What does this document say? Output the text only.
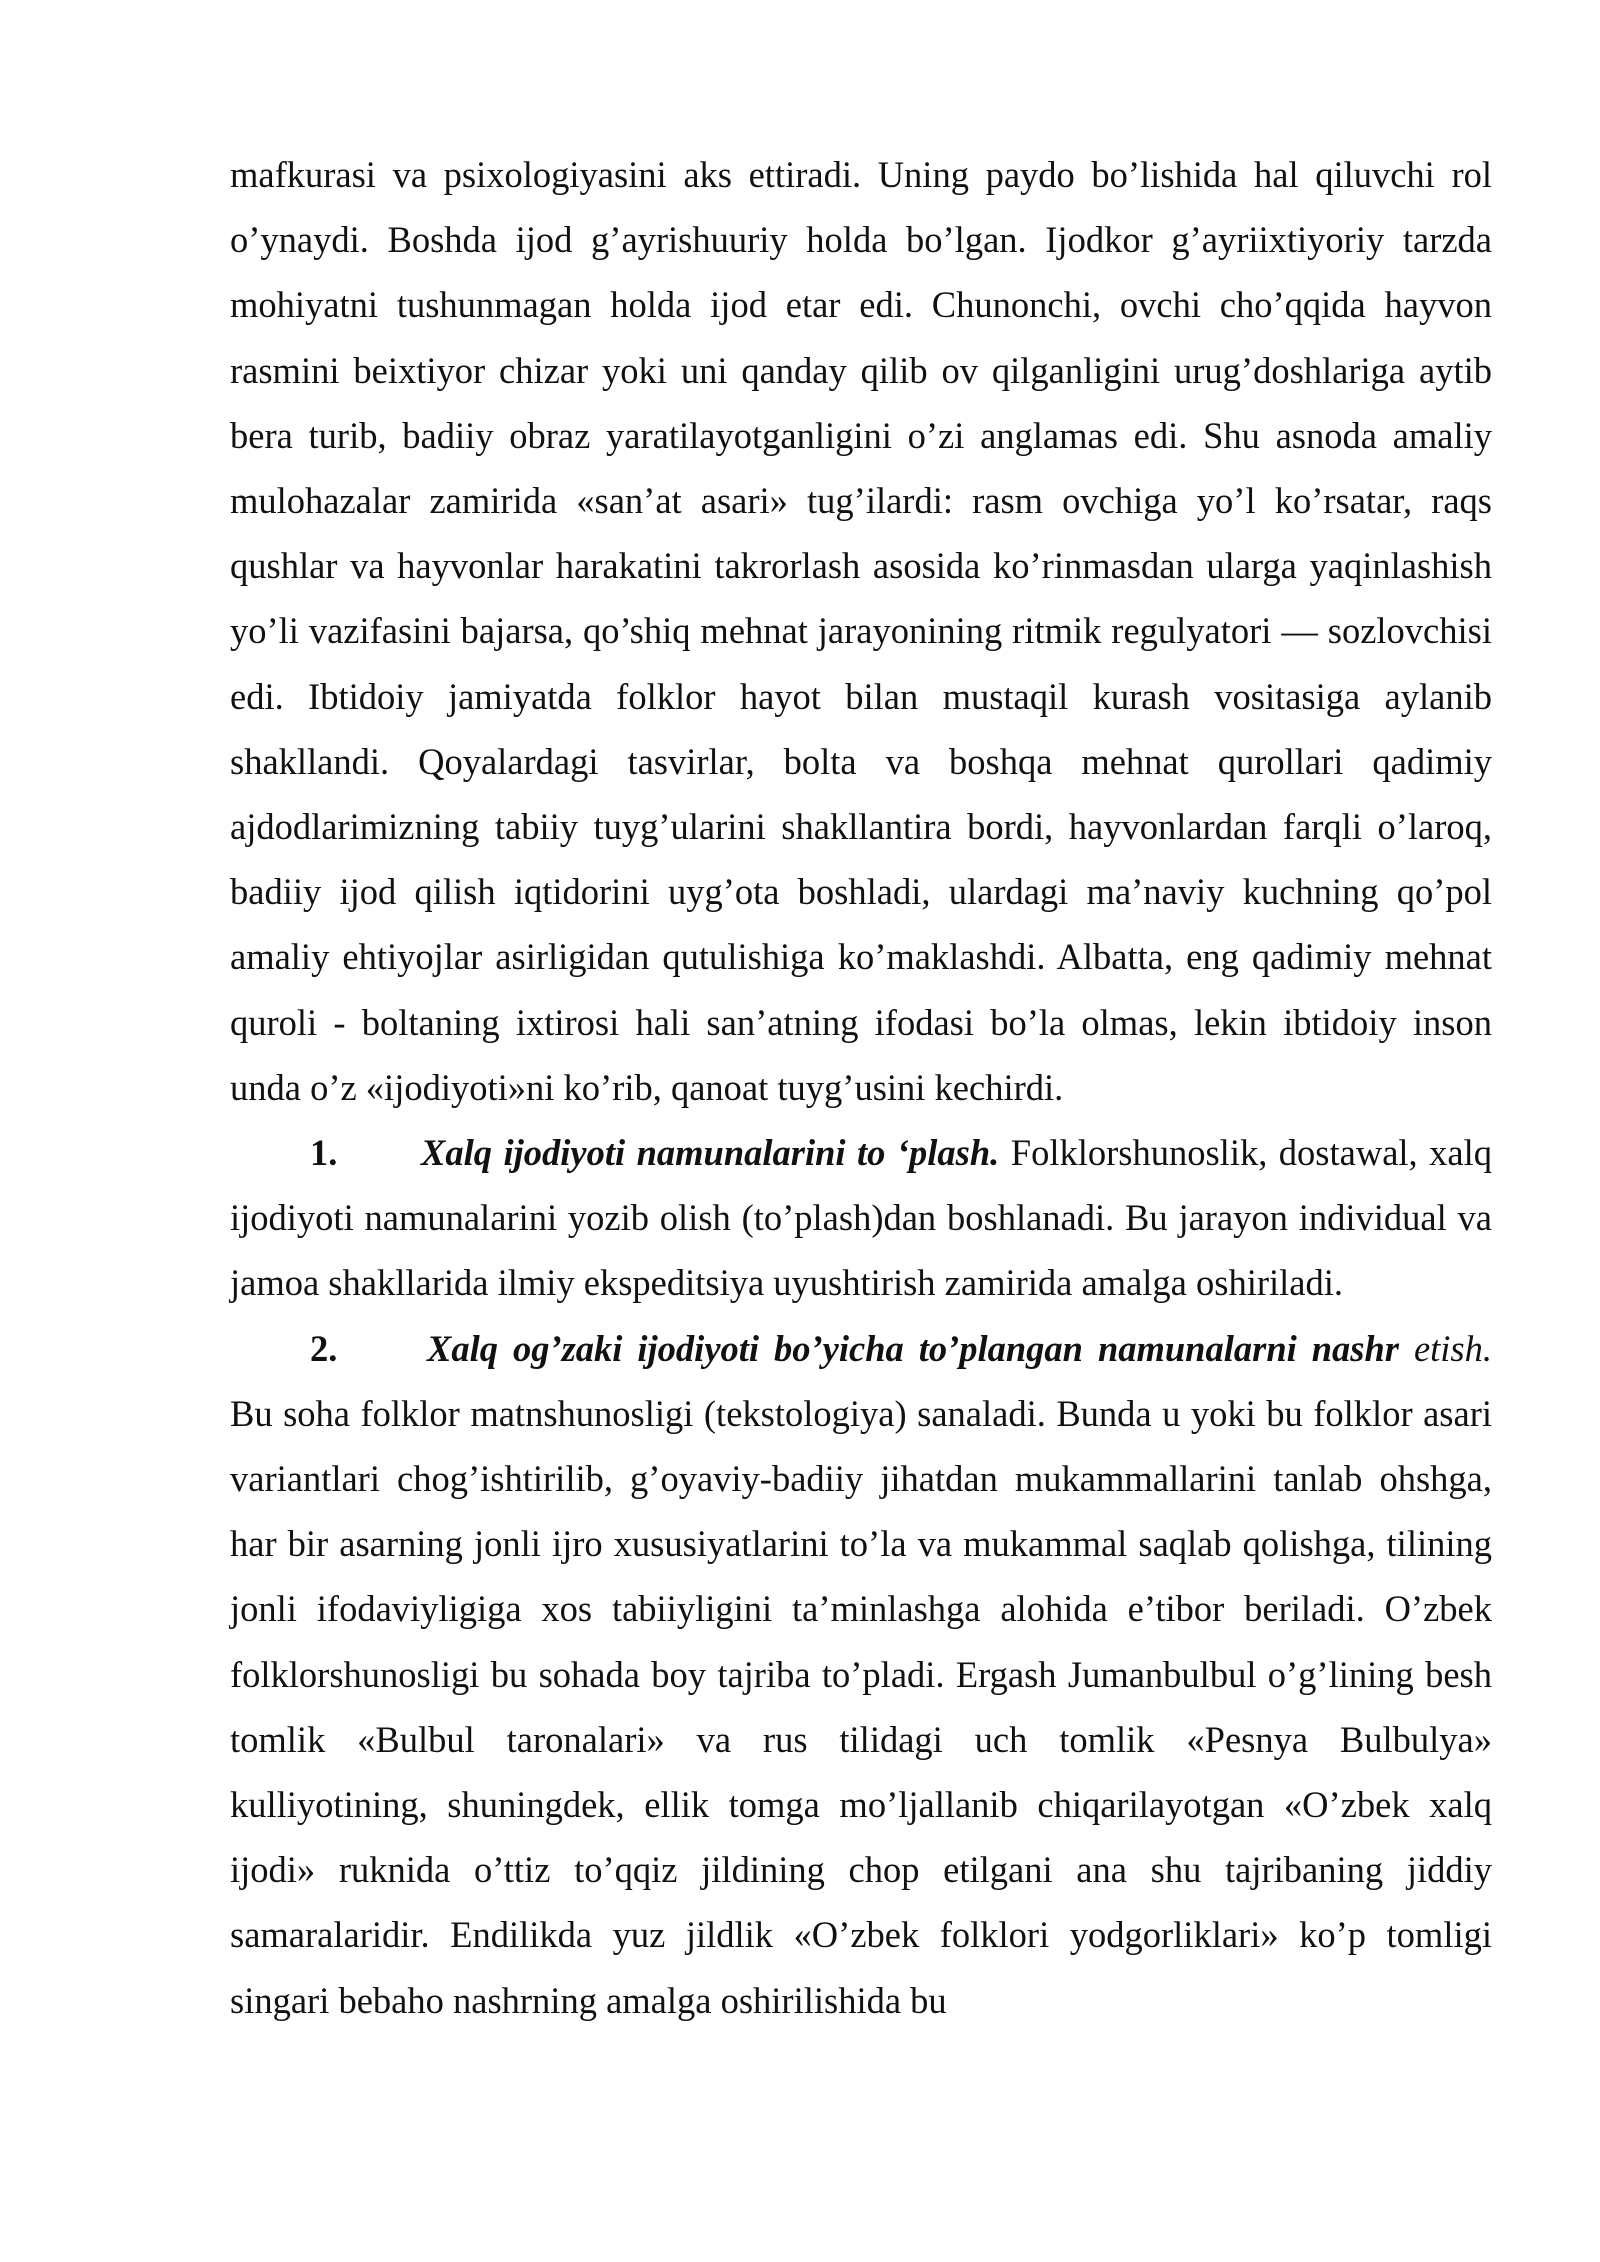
mafkurasi va psixologiyasini aks ettiradi. Uning paydo bo’lishida hal qiluvchi rol o’ynaydi. Boshda ijod g’ayrishuuriy holda bo’lgan. Ijodkor g’ayriixtiyoriy tarzda mohiyatni tushunmagan holda ijod etar edi. Chunonchi, ovchi cho’qqida hayvon rasmini beixtiyor chizar yoki uni qanday qilib ov qilganligini urug’doshlariga aytib bera turib, badiiy obraz yaratilayotganligini o’zi anglamas edi. Shu asnoda amaliy mulohazalar zamirida «san’at asari» tug’ilardi: rasm ovchiga yo’l ko’rsatar, raqs qushlar va hayvonlar harakatini takrorlash asosida ko’rinmasdan ularga yaqinlashish yo’li vazifasini bajarsa, qo’shiq mehnat jarayonining ritmik regulyatori — sozlovchisi edi. Ibtidoiy jamiyatda folklor hayot bilan mustaqil kurash vositasiga aylanib shakllandi. Qoyalardagi tasvirlar, bolta va boshqa mehnat qurollari qadimiy ajdodlarimizning tabiiy tuyg’ularini shakllantira bordi, hayvonlardan farqli o’laroq, badiiy ijod qilish iqtidorini uyg’ota boshladi, ulardagi ma’naviy kuchning qo’pol amaliy ehtiyojlar asirligidan qutulishiga ko’maklashdi. Albatta, eng qadimiy mehnat quroli - boltaning ixtirosi hali san’atning ifodasi bo’la olmas, lekin ibtidoiy inson unda o’z «ijodiyoti»ni ko’rib, qanoat tuyg’usini kechirdi.

1. Xalq ijodiyoti namunalarini to ‘plash. Folklorshunoslik, dostawal, xalq ijodiyoti namunalarini yozib olish (to’plash)dan boshlanadi. Bu jarayon individual va jamoa shakllarida ilmiy ekspeditsiya uyushtirish zamirida amalga oshiriladi.

2. Xalq og’zaki ijodiyoti bo’yicha to’plangan namunalarni nashr etish. Bu soha folklor matnshunosligi (tekstologiya) sanaladi. Bunda u yoki bu folklor asari variantlari chog’ishtirilib, g’oyaviy-badiiy jihatdan mukammallarini tanlab ohshga, har bir asarning jonli ijro xususiyatlarini to’la va mukammal saqlab qolishga, tilining jonli ifodaviyligiga xos tabiiyligini ta’minlashga alohida e’tibor beriladi. O’zbek folklorshunosligi bu sohada boy tajriba to’pladi. Ergash Jumanbulbul o’g’lining besh tomlik «Bulbul taronalari» va rus tilidagi uch tomlik «Pesnya Bulbulya» kulliyotining, shuningdek, ellik tomga mo’ljallanib chiqarilayotgan «O’zbek xalq ijodi» ruknida o’ttiz to’qqiz jildining chop etilgani ana shu tajribaning jiddiy samaralaridir. Endilikda yuz jildlik «O’zbek folklori yodgorliklari» ko’p tomligi singari bebaho nashrning amalga oshirilishida bu
